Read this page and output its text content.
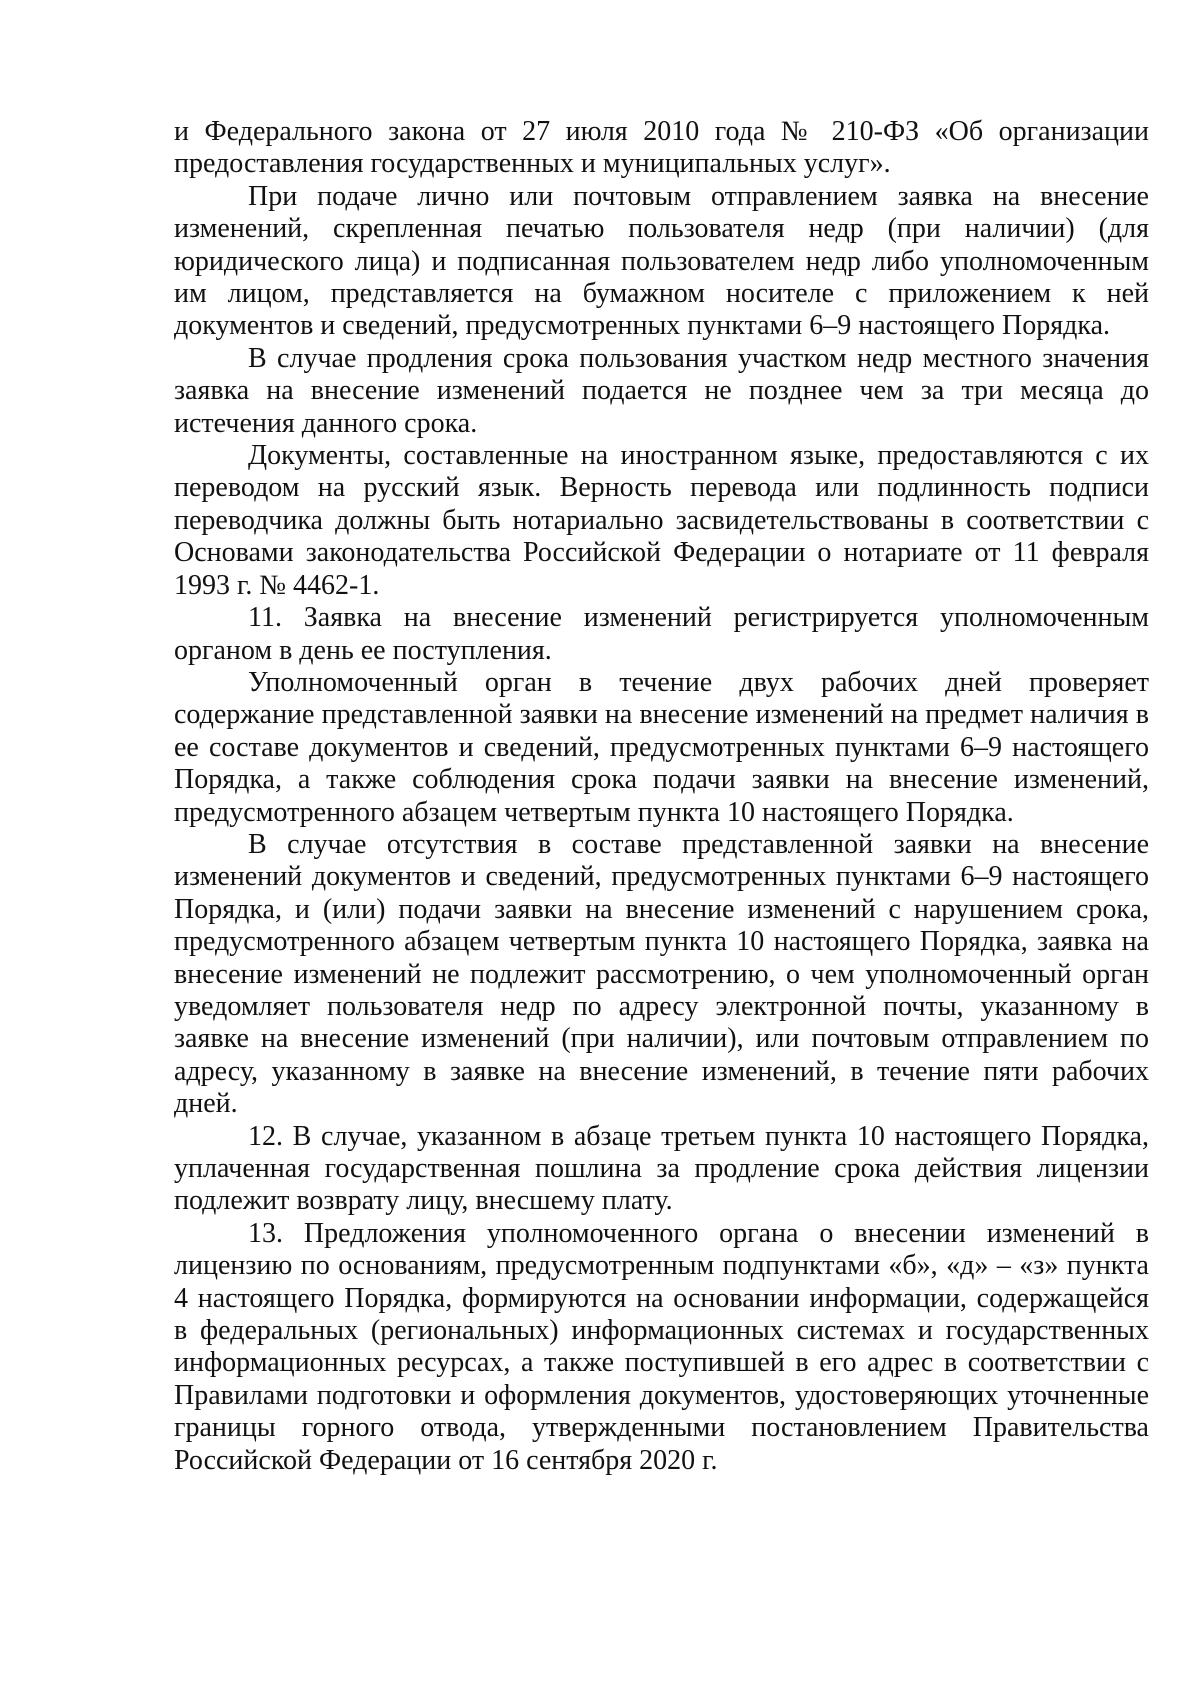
и Федерального закона от 27 июля 2010 года № 210-ФЗ «Об организации предоставления государственных и муниципальных услуг».

При подаче лично или почтовым отправлением заявка на внесение изменений, скрепленная печатью пользователя недр (при наличии) (для юридического лица) и подписанная пользователем недр либо уполномоченным им лицом, представляется на бумажном носителе с приложением к ней документов и сведений, предусмотренных пунктами 6–9 настоящего Порядка.

В случае продления срока пользования участком недр местного значения заявка на внесение изменений подается не позднее чем за три месяца до истечения данного срока.

Документы, составленные на иностранном языке, предоставляются с их переводом на русский язык. Верность перевода или подлинность подписи переводчика должны быть нотариально засвидетельствованы в соответствии с Основами законодательства Российской Федерации о нотариате от 11 февраля 1993 г. № 4462-1.

11. Заявка на внесение изменений регистрируется уполномоченным органом в день ее поступления.

Уполномоченный орган в течение двух рабочих дней проверяет содержание представленной заявки на внесение изменений на предмет наличия в ее составе документов и сведений, предусмотренных пунктами 6–9 настоящего Порядка, а также соблюдения срока подачи заявки на внесение изменений, предусмотренного абзацем четвертым пункта 10 настоящего Порядка.

В случае отсутствия в составе представленной заявки на внесение изменений документов и сведений, предусмотренных пунктами 6–9 настоящего Порядка, и (или) подачи заявки на внесение изменений с нарушением срока, предусмотренного абзацем четвертым пункта 10 настоящего Порядка, заявка на внесение изменений не подлежит рассмотрению, о чем уполномоченный орган уведомляет пользователя недр по адресу электронной почты, указанному в заявке на внесение изменений (при наличии), или почтовым отправлением по адресу, указанному в заявке на внесение изменений, в течение пяти рабочих дней.

12. В случае, указанном в абзаце третьем пункта 10 настоящего Порядка, уплаченная государственная пошлина за продление срока действия лицензии подлежит возврату лицу, внесшему плату.

13. Предложения уполномоченного органа о внесении изменений в лицензию по основаниям, предусмотренным подпунктами «б», «д» – «з» пункта 4 настоящего Порядка, формируются на основании информации, содержащейся в федеральных (региональных) информационных системах и государственных информационных ресурсах, а также поступившей в его адрес в соответствии с Правилами подготовки и оформления документов, удостоверяющих уточненные границы горного отвода, утвержденными постановлением Правительства Российской Федерации от 16 сентября 2020 г.
